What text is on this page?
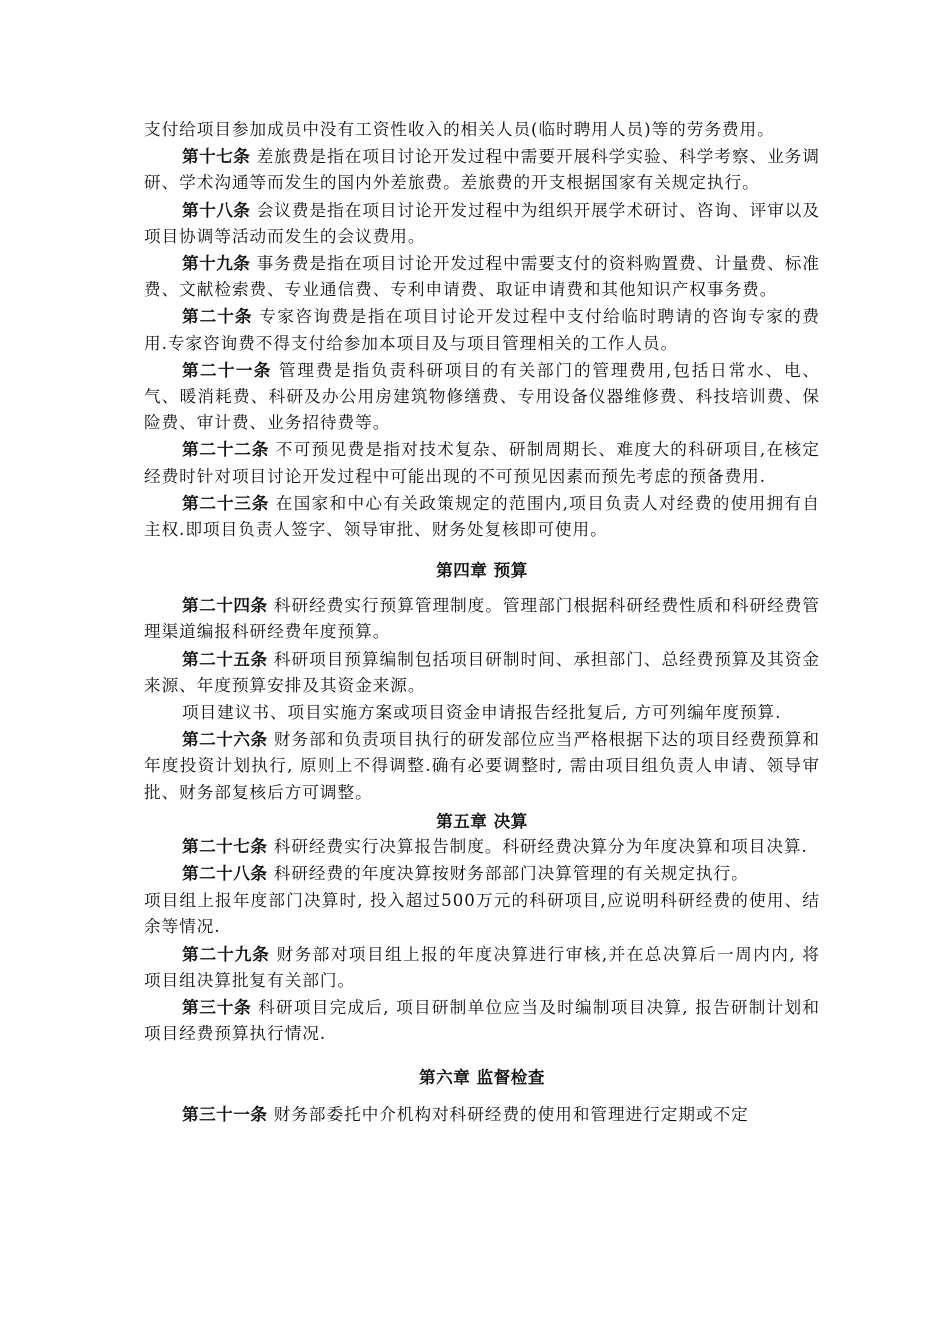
支付给项目参加成员中没有工资性收入的相关人员(临时聘用人员)等的劳务费用。

第十七条 差旅费是指在项目讨论开发过程中需要开展科学实验、科学考察、业务调研、学术沟通等而发生的国内外差旅费。差旅费的开支根据国家有关规定执行。

第十八条 会议费是指在项目讨论开发过程中为组织开展学术研讨、咨询、评审以及项目协调等活动而发生的会议费用。

第十九条 事务费是指在项目讨论开发过程中需要支付的资料购置费、计量费、标准费、文献检索费、专业通信费、专利申请费、取证申请费和其他知识产权事务费。

第二十条 专家咨询费是指在项目讨论开发过程中支付给临时聘请的咨询专家的费用.专家咨询费不得支付给参加本项目及与项目管理相关的工作人员。

第二十一条 管理费是指负责科研项目的有关部门的管理费用,包括日常水、电、气、暖消耗费、科研及办公用房建筑物修缮费、专用设备仪器维修费、科技培训费、保险费、审计费、业务招待费等。

第二十二条 不可预见费是指对技术复杂、研制周期长、难度大的科研项目,在核定经费时针对项目讨论开发过程中可能出现的不可预见因素而预先考虑的预备费用.

第二十三条 在国家和中心有关政策规定的范围内,项目负责人对经费的使用拥有自主权.即项目负责人签字、领导审批、财务处复核即可使用。

第四章 预算

第二十四条 科研经费实行预算管理制度。管理部门根据科研经费性质和科研经费管理渠道编报科研经费年度预算。

第二十五条 科研项目预算编制包括项目研制时间、承担部门、总经费预算及其资金来源、年度预算安排及其资金来源。

项目建议书、项目实施方案或项目资金申请报告经批复后, 方可列编年度预算.

第二十六条 财务部和负责项目执行的研发部位应当严格根据下达的项目经费预算和年度投资计划执行, 原则上不得调整.确有必要调整时, 需由项目组负责人申请、领导审批、财务部复核后方可调整。

第五章 决算

第二十七条 科研经费实行决算报告制度。科研经费决算分为年度决算和项目决算.

第二十八条 科研经费的年度决算按财务部部门决算管理的有关规定执行。

项目组上报年度部门决算时, 投入超过500万元的科研项目,应说明科研经费的使用、结余等情况.

第二十九条 财务部对项目组上报的年度决算进行审核,并在总决算后一周内内, 将项目组决算批复有关部门。

第三十条 科研项目完成后, 项目研制单位应当及时编制项目决算, 报告研制计划和项目经费预算执行情况.

第六章 监督检查

第三十一条 财务部委托中介机构对科研经费的使用和管理进行定期或不定
